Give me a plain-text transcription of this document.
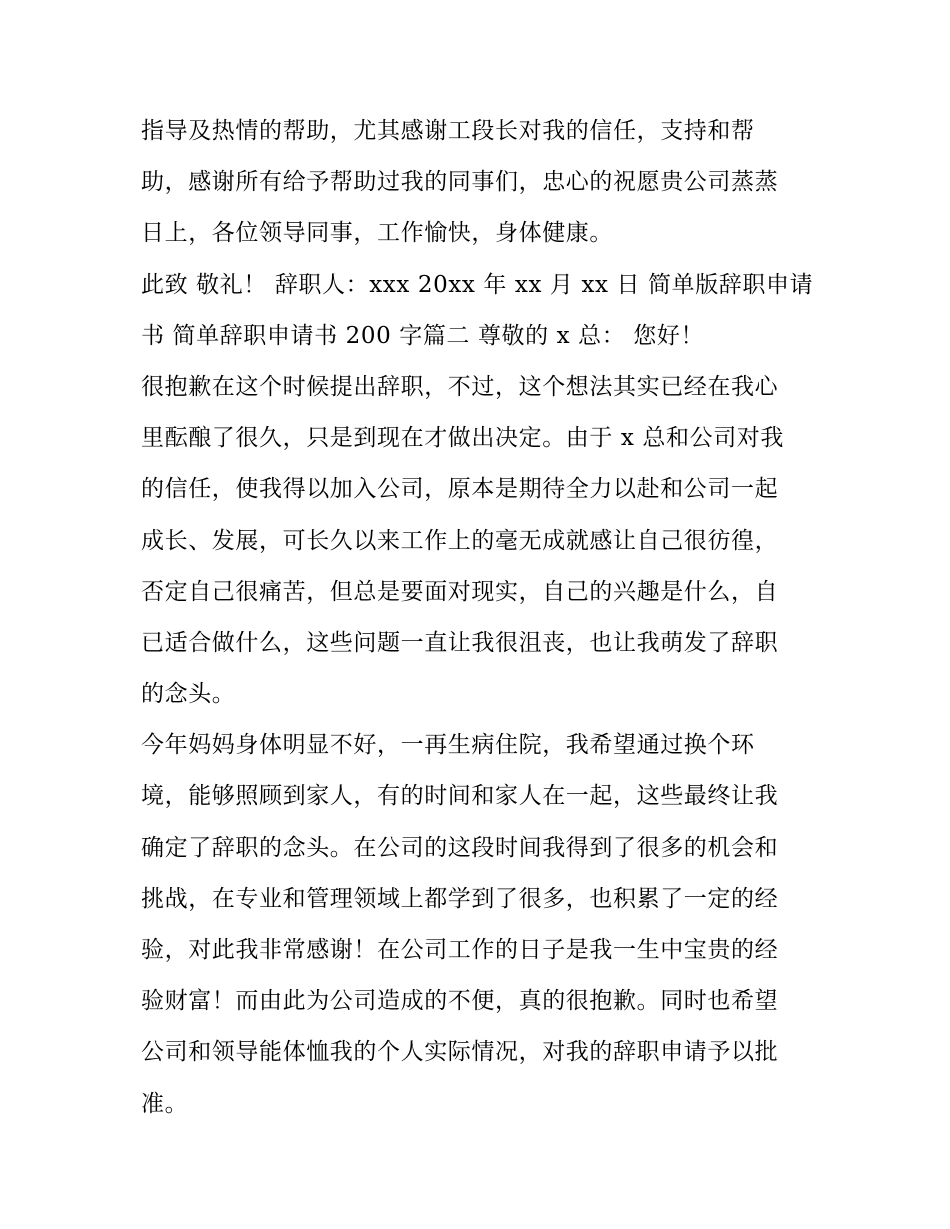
指导及热情的帮助，尤其感谢工段长对我的信任，支持和帮
助，感谢所有给予帮助过我的同事们，忠心的祝愿贵公司蒸蒸
日上，各位领导同事，工作愉快，身体健康。
此致 敬礼！ 辞职人：xxx 20xx 年 xx 月 xx 日 简单版辞职申请
书 简单辞职申请书 200 字篇二 尊敬的 x 总： 您好！
很抱歉在这个时候提出辞职，不过，这个想法其实已经在我心
里酝酿了很久，只是到现在才做出决定。由于 x 总和公司对我
的信任，使我得以加入公司，原本是期待全力以赴和公司一起
成长、发展，可长久以来工作上的毫无成就感让自己很彷徨，
否定自己很痛苦，但总是要面对现实，自己的兴趣是什么，自
已适合做什么，这些问题一直让我很沮丧，也让我萌发了辞职
的念头。
今年妈妈身体明显不好，一再生病住院，我希望通过换个环
境，能够照顾到家人，有的时间和家人在一起，这些最终让我
确定了辞职的念头。在公司的这段时间我得到了很多的机会和
挑战，在专业和管理领域上都学到了很多，也积累了一定的经
验，对此我非常感谢！在公司工作的日子是我一生中宝贵的经
验财富！而由此为公司造成的不便，真的很抱歉。同时也希望
公司和领导能体恤我的个人实际情况，对我的辞职申请予以批
准。
